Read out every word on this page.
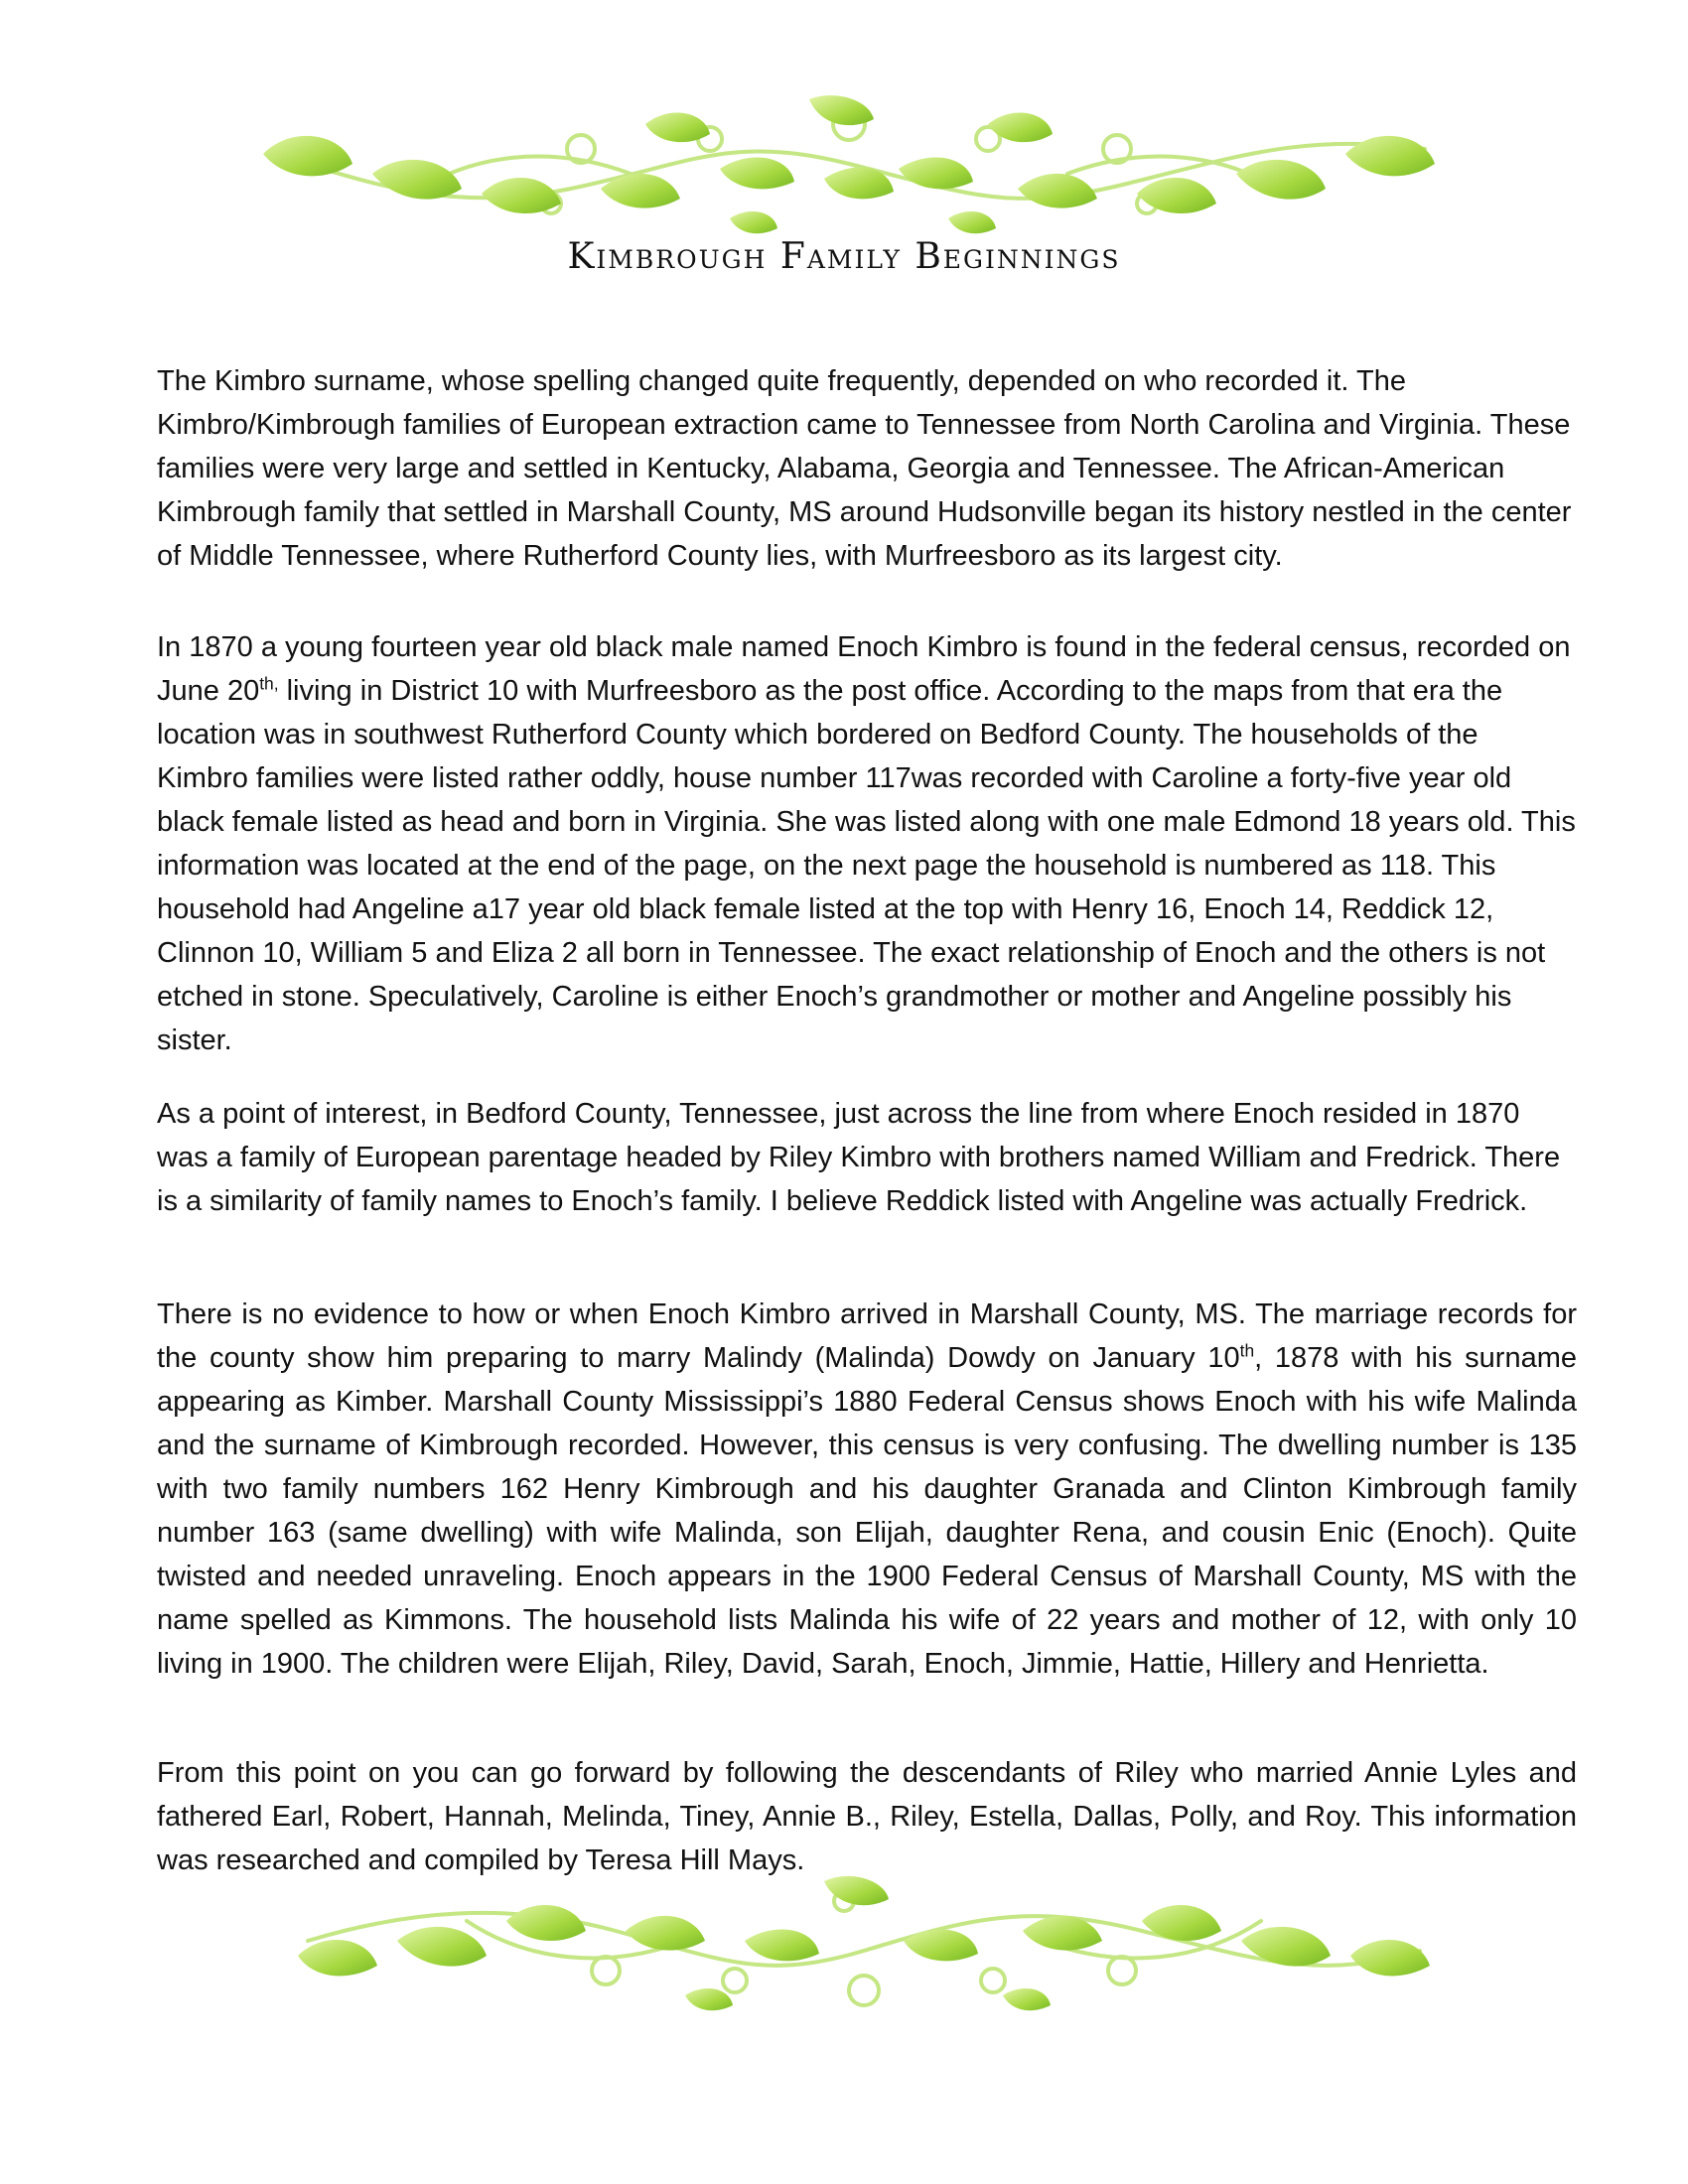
Kimbrough Family Beginnings

The Kimbro surname, whose spelling changed quite frequently, depended on who recorded it. The Kimbro/Kimbrough families of European extraction came to Tennessee from North Carolina and Virginia. These families were very large and settled in Kentucky, Alabama, Georgia and Tennessee. The African-American Kimbrough family that settled in Marshall County, MS around Hudsonville began its history nestled in the center of Middle Tennessee, where Rutherford County lies, with Murfreesboro as its largest city.

In 1870 a young fourteen year old black male named Enoch Kimbro is found in the federal census, recorded on June $20^{th,}$ living in District 10 with Murfreesboro as the post office. According to the maps from that era the location was in southwest Rutherford County which bordered on Bedford County. The households of the Kimbro families were listed rather oddly, house number 117was recorded with Caroline a forty-five year old black female listed as head and born in Virginia. She was listed along with one male Edmond 18 years old. This information was located at the end of the page, on the next page the household is numbered as 118. This household had Angeline a17 year old black female listed at the top with Henry 16, Enoch 14, Reddick 12, Clinnon 10, William 5 and Eliza 2 all born in Tennessee. The exact relationship of Enoch and the others is not etched in stone. Speculatively, Caroline is either Enoch’s grandmother or mother and Angeline possibly his sister.

As a point of interest, in Bedford County, Tennessee, just across the line from where Enoch resided in 1870 was a family of European parentage headed by Riley Kimbro with brothers named William and Fredrick. There is a similarity of family names to Enoch’s family. I believe Reddick listed with Angeline was actually Fredrick.

There is no evidence to how or when Enoch Kimbro arrived in Marshall County, MS. The marriage records for the county show him preparing to marry Malindy (Malinda) Dowdy on January 10th, 1878 with his surname appearing as Kimber. Marshall County Mississippi’s 1880 Federal Census shows Enoch with his wife Malinda and the surname of Kimbrough recorded. However, this census is very confusing. The dwelling number is 135 with two family numbers 162 Henry Kimbrough and his daughter Granada and Clinton Kimbrough family number 163 (same dwelling) with wife Malinda, son Elijah, daughter Rena, and cousin Enic (Enoch). Quite twisted and needed unraveling. Enoch appears in the 1900 Federal Census of Marshall County, MS with the name spelled as Kimmons. The household lists Malinda his wife of 22 years and mother of 12, with only 10 living in 1900. The children were Elijah, Riley, David, Sarah, Enoch, Jimmie, Hattie, Hillery and Henrietta.

From this point on you can go forward by following the descendants of Riley who married Annie Lyles and fathered Earl, Robert, Hannah, Melinda, Tiney, Annie B., Riley, Estella, Dallas, Polly, and Roy. This information was researched and compiled by Teresa Hill Mays.
